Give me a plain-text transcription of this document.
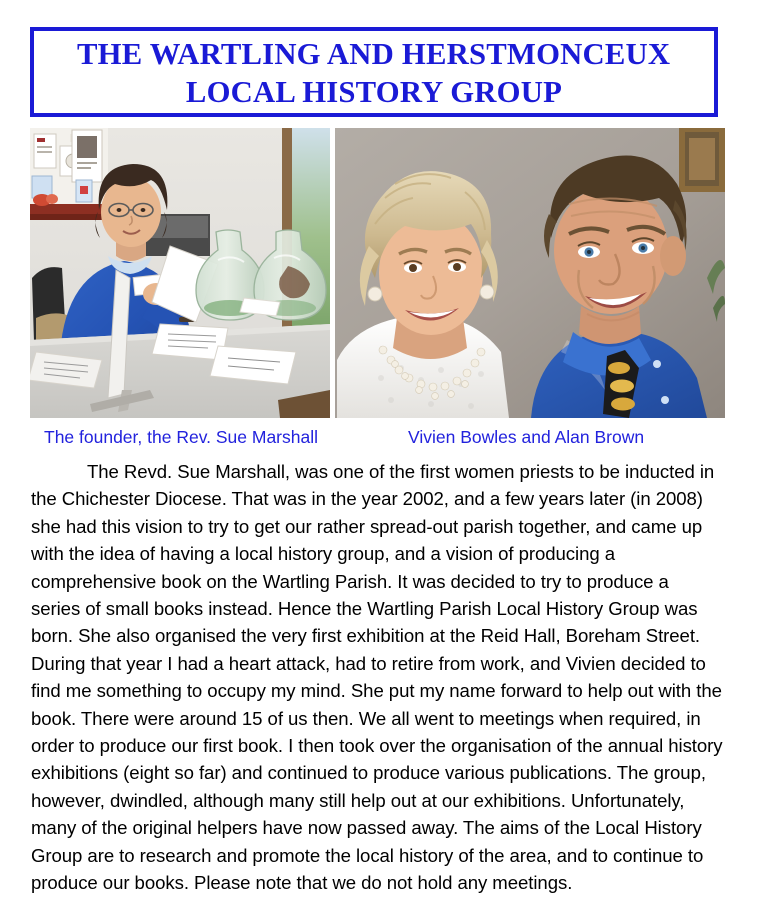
THE WARTLING AND HERSTMONCEUX
LOCAL HISTORY GROUP
The founder, the Rev. Sue Marshall	Vivien Bowles and Alan Brown
The Revd. Sue Marshall, was one of the first women priests to be inducted in the Chichester Diocese. That was in the year 2002, and a few years later (in 2008) she had this vision to try to get our rather spread-out parish together, and came up with the idea of having a local history group, and a vision of producing a comprehensive book on the Wartling Parish. It was decided to try to produce a series of small books instead. Hence the Wartling Parish Local History Group was born. She also organised the very first exhibition at the Reid Hall, Boreham Street. During that year I had a heart attack, had to retire from work, and Vivien decided to find me something to occupy my mind. She put my name forward to help out with the book. There were around 15 of us then. We all went to meetings when required, in order to produce our first book. I then took over the organisation of the annual history exhibitions (eight so far) and continued to produce various publications. The group, however, dwindled, although many still help out at our exhibitions. Unfortunately, many of the original helpers have now passed away. The aims of the Local History Group are to research and promote the local history of the area, and to continue to produce our books. Please note that we do not hold any meetings.
